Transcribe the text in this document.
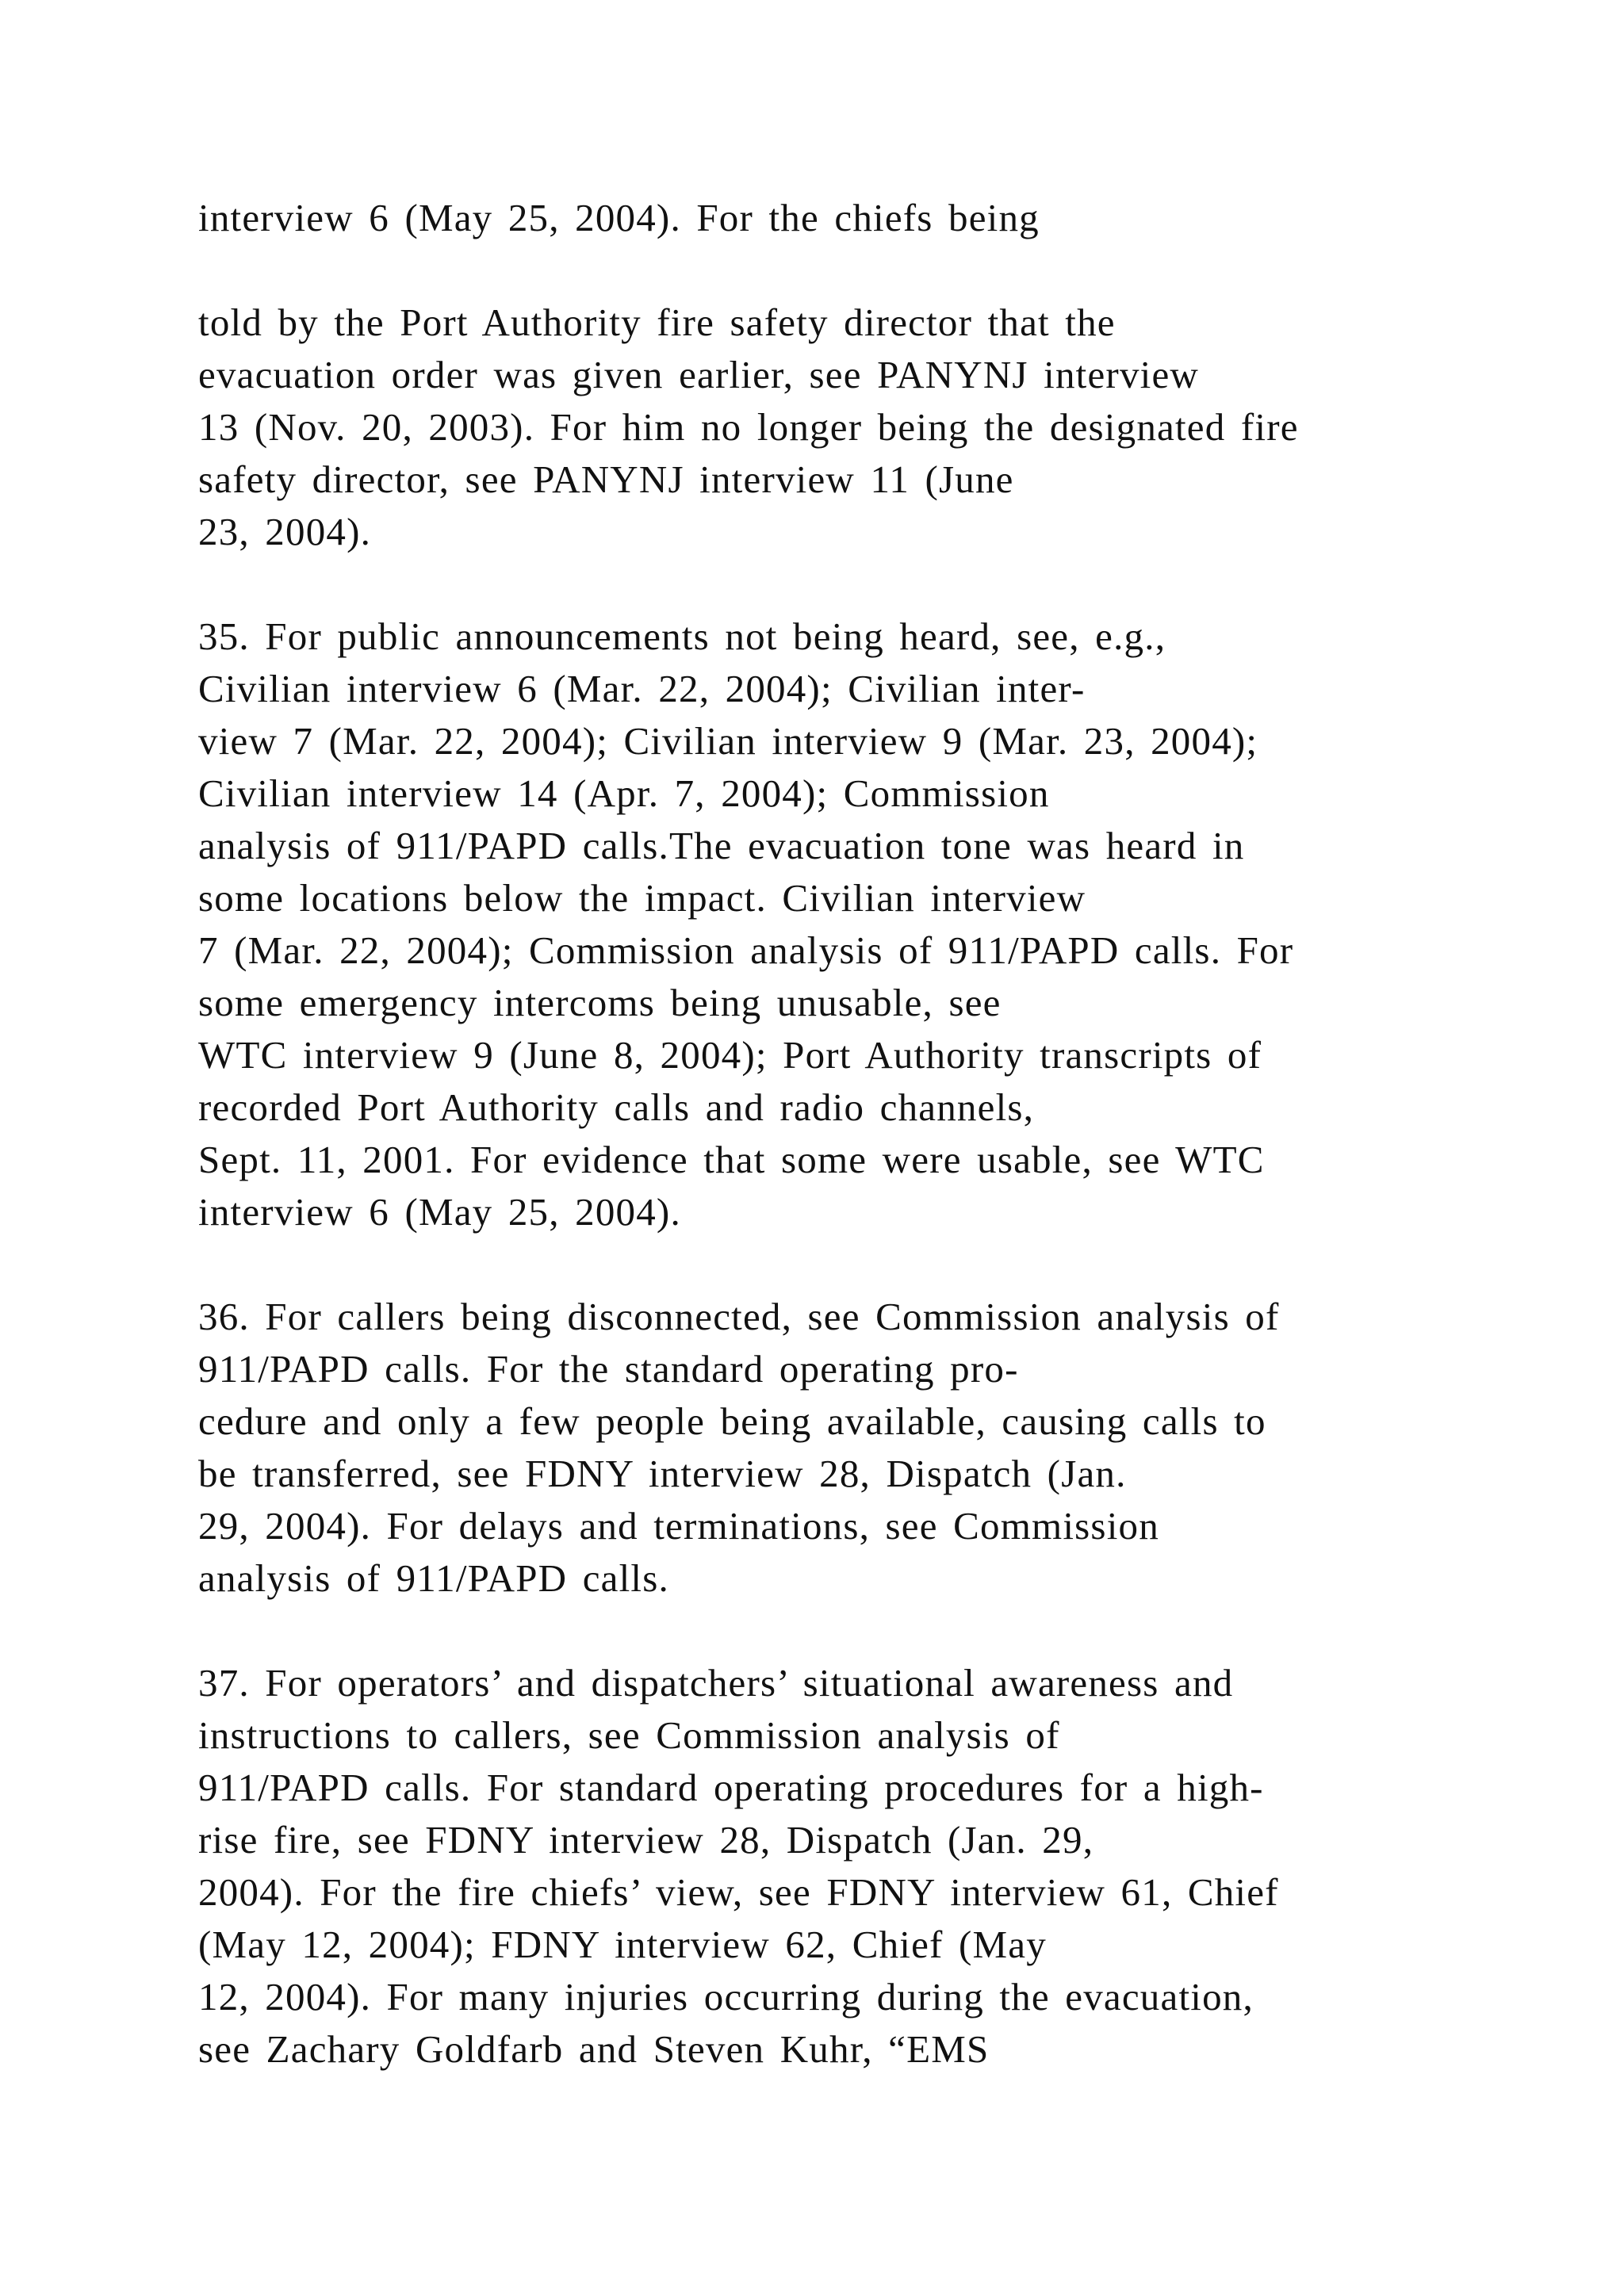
interview 6 (May 25, 2004). For the chiefs being
told by the Port Authority fire safety director that the
evacuation order was given earlier, see PANYNJ interview
13 (Nov. 20, 2003). For him no longer being the designated fire
safety director, see PANYNJ interview 11 (June
23, 2004).
35. For public announcements not being heard, see, e.g.,
Civilian interview 6 (Mar. 22, 2004); Civilian inter-
view 7 (Mar. 22, 2004); Civilian interview 9 (Mar. 23, 2004);
Civilian interview 14 (Apr. 7, 2004); Commission
analysis of 911/PAPD calls.The evacuation tone was heard in
some locations below the impact. Civilian interview
7 (Mar. 22, 2004); Commission analysis of 911/PAPD calls. For
some emergency intercoms being unusable, see
WTC interview 9 (June 8, 2004); Port Authority transcripts of
recorded Port Authority calls and radio channels,
Sept. 11, 2001. For evidence that some were usable, see WTC
interview 6 (May 25, 2004).
36. For callers being disconnected, see Commission analysis of
911/PAPD calls. For the standard operating pro-
cedure and only a few people being available, causing calls to
be transferred, see FDNY interview 28, Dispatch (Jan.
29, 2004). For delays and terminations, see Commission
analysis of 911/PAPD calls.
37. For operators’ and dispatchers’ situational awareness and
instructions to callers, see Commission analysis of
911/PAPD calls. For standard operating procedures for a high-
rise fire, see FDNY interview 28, Dispatch (Jan. 29,
2004). For the fire chiefs’ view, see FDNY interview 61, Chief
(May 12, 2004); FDNY interview 62, Chief (May
12, 2004). For many injuries occurring during the evacuation,
see Zachary Goldfarb and Steven Kuhr, “EMS
